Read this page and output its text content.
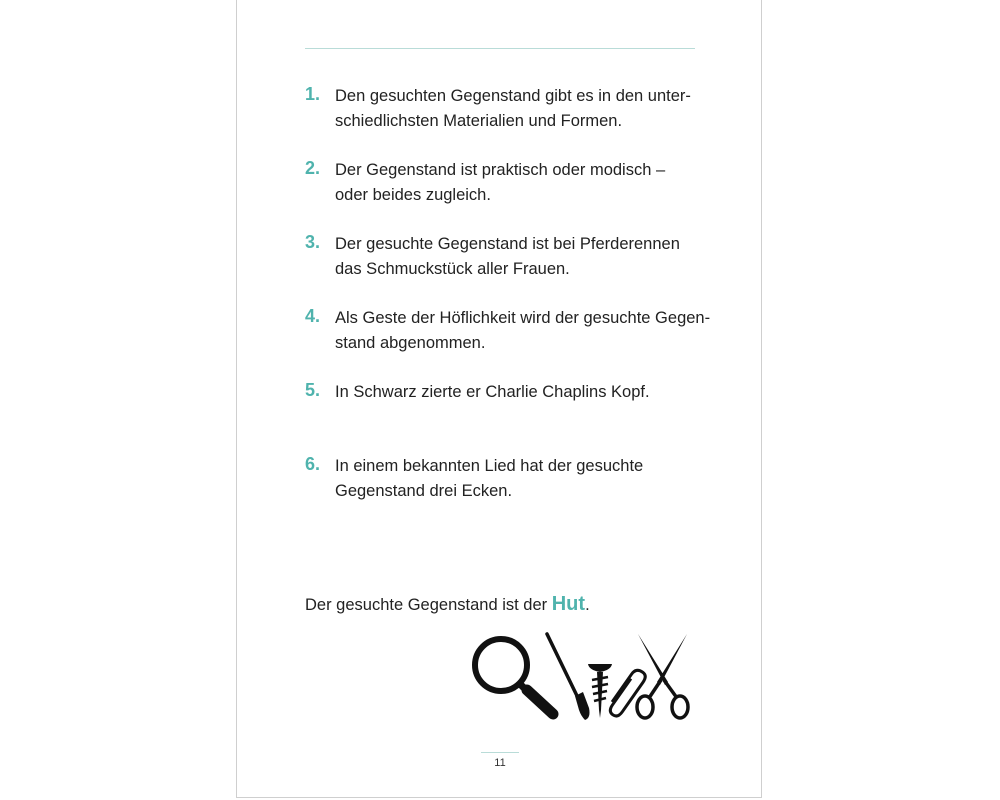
1. Den gesuchten Gegenstand gibt es in den unter-
schiedlichsten Materialien und Formen.
2. Der Gegenstand ist praktisch oder modisch –
oder beides zugleich.
3. Der gesuchte Gegenstand ist bei Pferderennen
das Schmuckstück aller Frauen.
4. Als Geste der Höflichkeit wird der gesuchte Gegen-
stand abgenommen.
5. In Schwarz zierte er Charlie Chaplins Kopf.
6. In einem bekannten Lied hat der gesuchte
Gegenstand drei Ecken.

Der gesuchte Gegenstand ist der Hut.

11
